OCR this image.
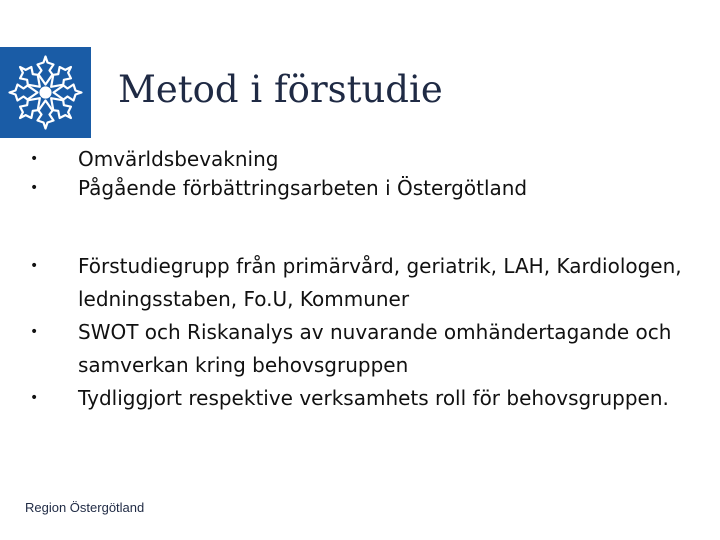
Metod i förstudie
•	Omvärldsbevakning
•	Pågående förbättringsarbeten i Östergötland
•	Förstudiegrupp från primärvård, geriatrik, LAH, Kardiologen, ledningsstaben, Fo.U, Kommuner
•	SWOT och Riskanalys av nuvarande omhändertagande och samverkan kring behovsgruppen
•	Tydliggjort respektive verksamhets roll för behovsgruppen.
Region Östergötland
